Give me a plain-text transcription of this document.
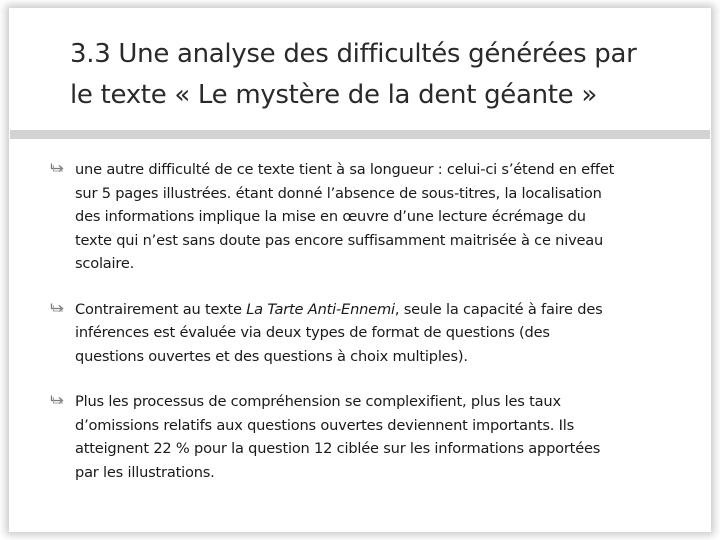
3.3 Une analyse des difficultés générées par
le texte « Le mystère de la dent géante »

une autre difficulté de ce texte tient à sa longueur : celui-ci s’étend en effet
sur 5 pages illustrées. étant donné l’absence de sous-titres, la localisation
des informations implique la mise en œuvre d’une lecture écrémage du
texte qui n’est sans doute pas encore suffisamment maitrisée à ce niveau
scolaire.

Contrairement au texte La Tarte Anti-Ennemi, seule la capacité à faire des
inférences est évaluée via deux types de format de questions (des
questions ouvertes et des questions à choix multiples).

Plus les processus de compréhension se complexifient, plus les taux
d’omissions relatifs aux questions ouvertes deviennent importants. Ils
atteignent 22 % pour la question 12 ciblée sur les informations apportées
par les illustrations.
